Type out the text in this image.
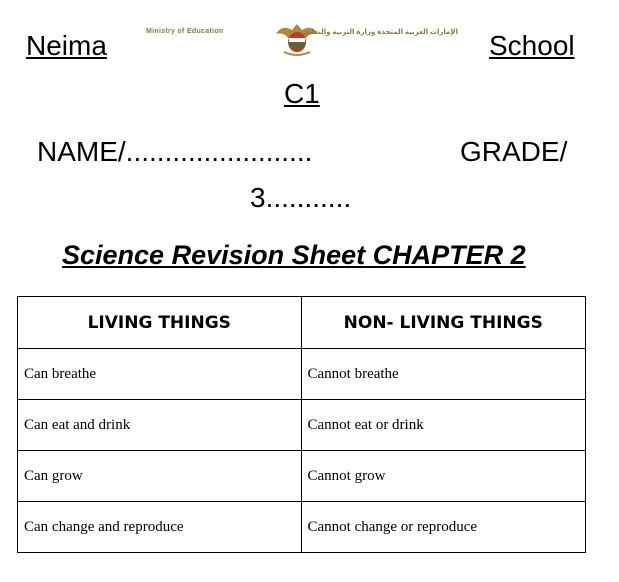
Neima	Ministry of Education	الإمارات العربية المتحدة وزارة التربية والتعليم School
C1
NAME/........................	GRADE/
3...........
Science Revision Sheet CHAPTER 2
LIVING THINGS	NON- LIVING THINGS
Can breathe	Cannot breathe
Can eat and drink	Cannot eat or drink
Can grow	Cannot grow
Can change and reproduce	Cannot change or reproduce
